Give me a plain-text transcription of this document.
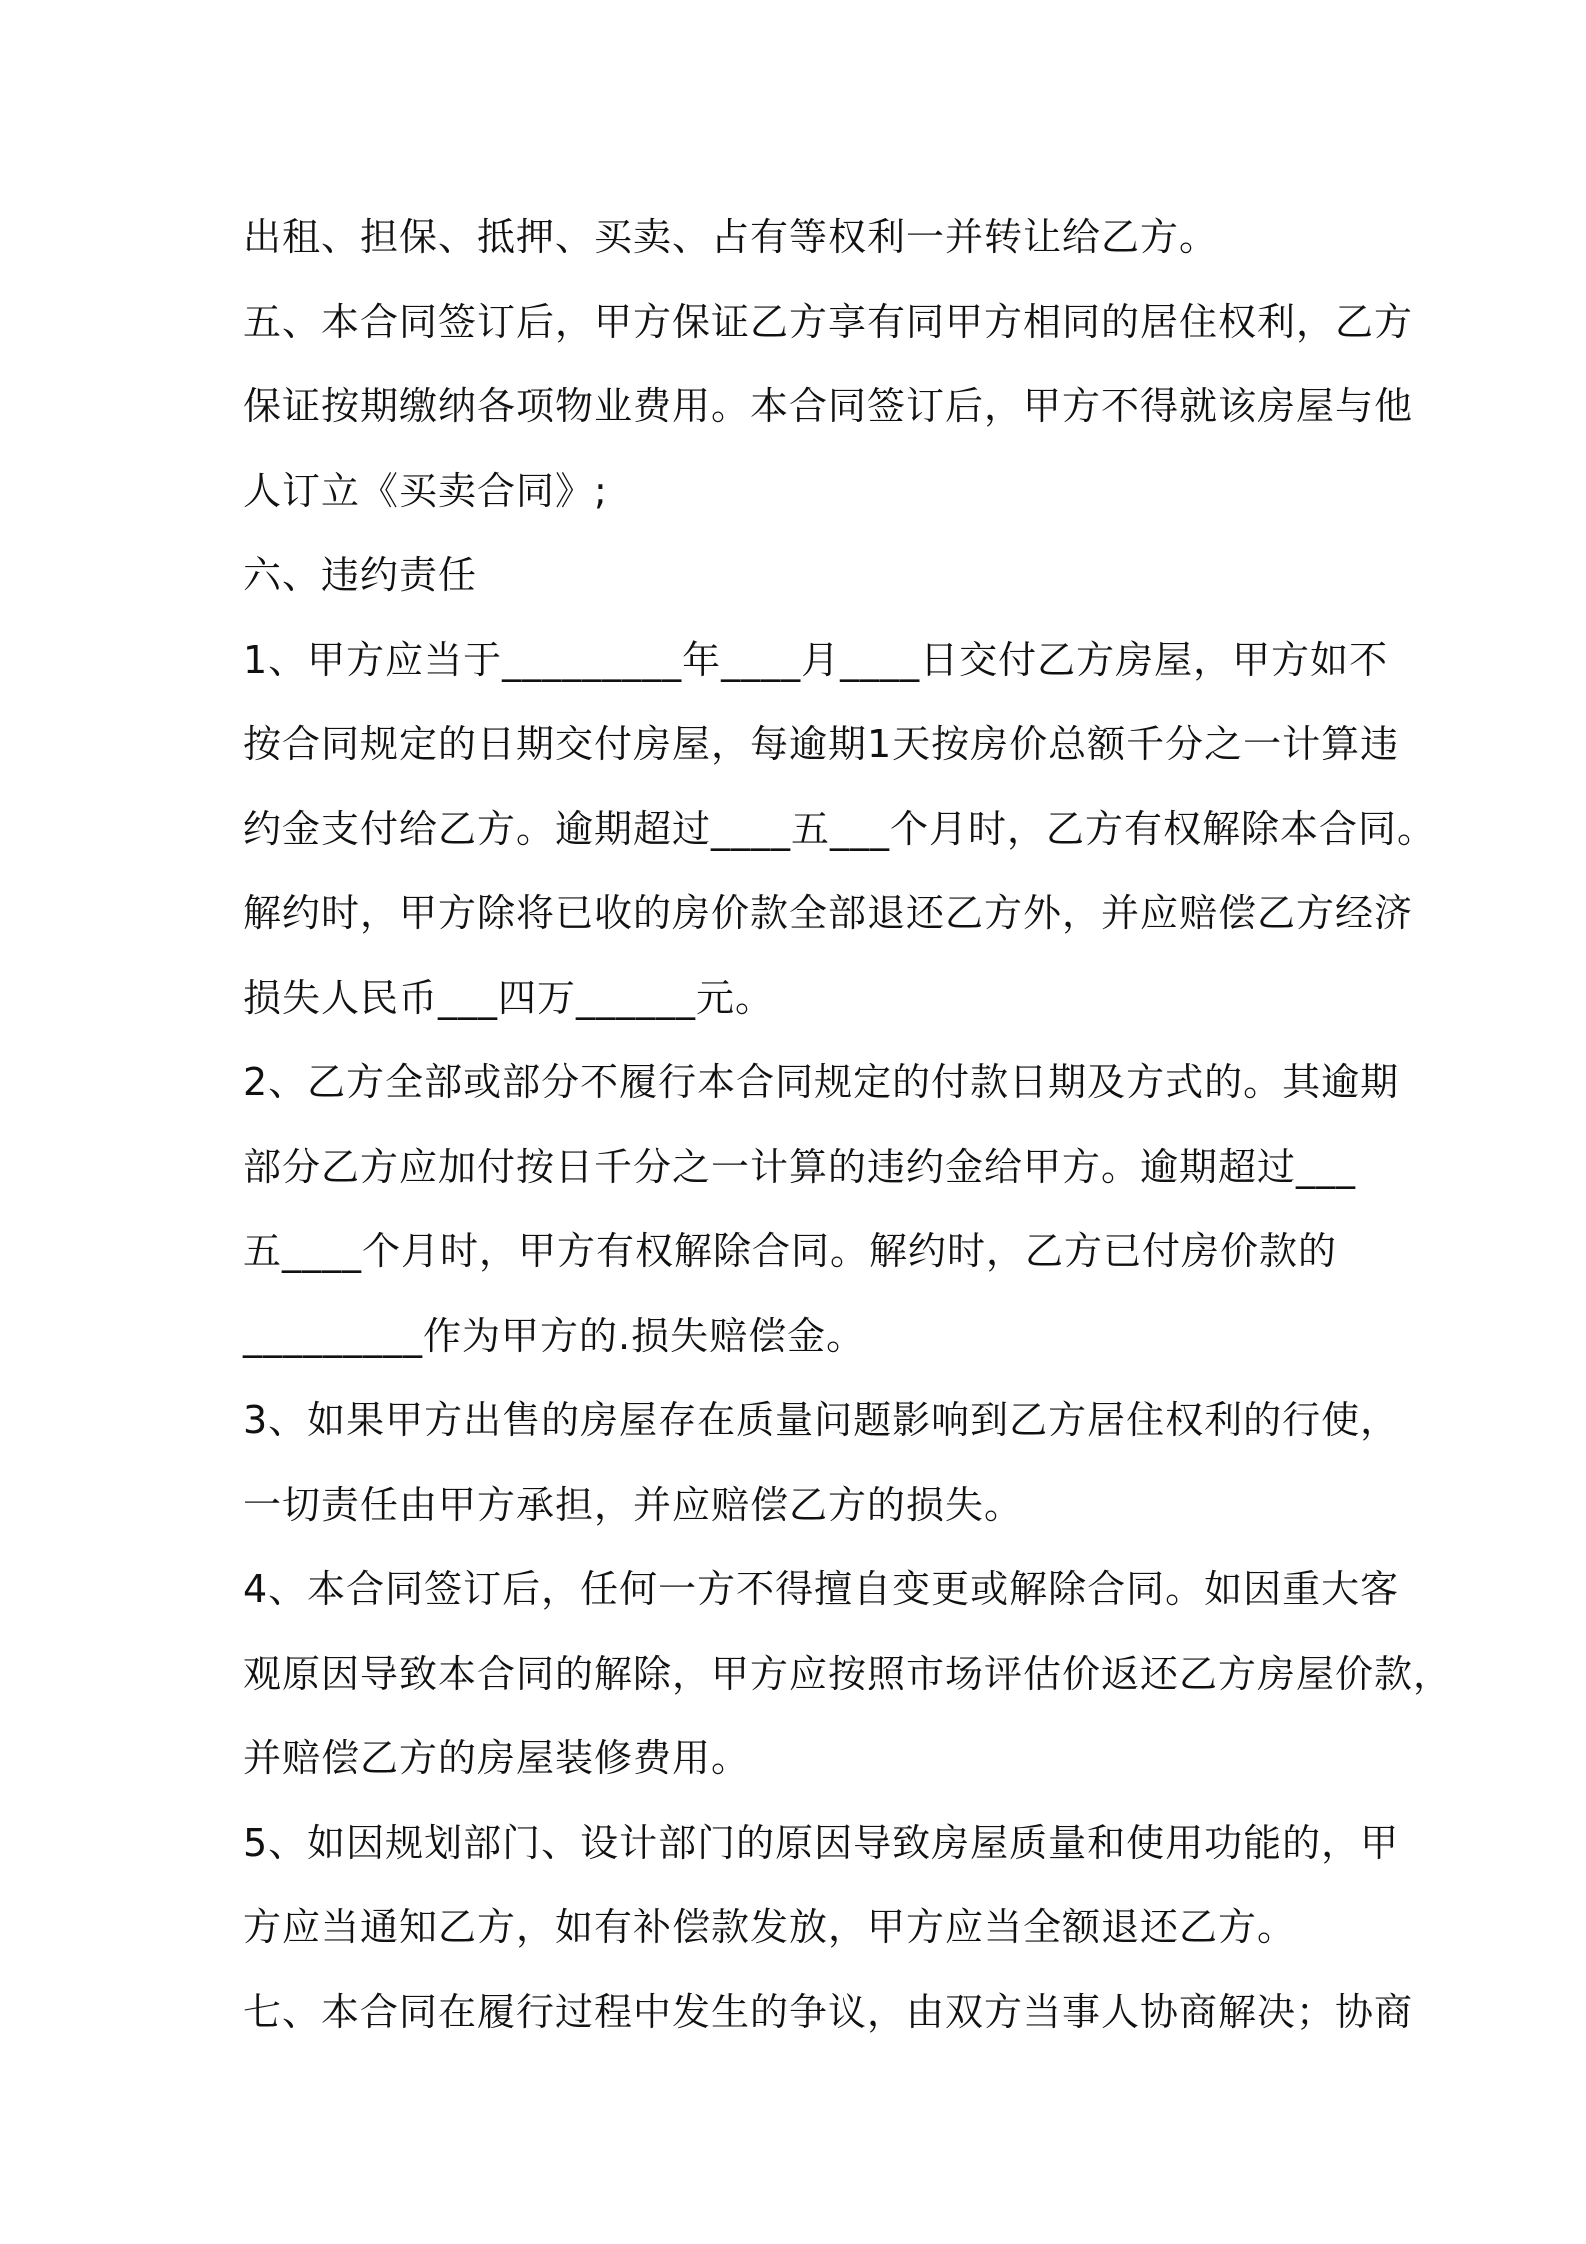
出租、担保、抵押、买卖、占有等权利一并转让给乙方。
五、本合同签订后，甲方保证乙方享有同甲方相同的居住权利，乙方
保证按期缴纳各项物业费用。本合同签订后，甲方不得就该房屋与他
人订立《买卖合同》;
六、违约责任
1、甲方应当于_________年____月____日交付乙方房屋，甲方如不
按合同规定的日期交付房屋，每逾期1天按房价总额千分之一计算违
约金支付给乙方。逾期超过____五___个月时，乙方有权解除本合同。
解约时，甲方除将已收的房价款全部退还乙方外，并应赔偿乙方经济
损失人民币___四万______元。
2、乙方全部或部分不履行本合同规定的付款日期及方式的。其逾期
部分乙方应加付按日千分之一计算的违约金给甲方。逾期超过___
五____个月时，甲方有权解除合同。解约时，乙方已付房价款的
_________作为甲方的.损失赔偿金。
3、如果甲方出售的房屋存在质量问题影响到乙方居住权利的行使，
一切责任由甲方承担，并应赔偿乙方的损失。
4、本合同签订后，任何一方不得擅自变更或解除合同。如因重大客
观原因导致本合同的解除，甲方应按照市场评估价返还乙方房屋价款，
并赔偿乙方的房屋装修费用。
5、如因规划部门、设计部门的原因导致房屋质量和使用功能的，甲
方应当通知乙方，如有补偿款发放，甲方应当全额退还乙方。
七、本合同在履行过程中发生的争议，由双方当事人协商解决；协商
